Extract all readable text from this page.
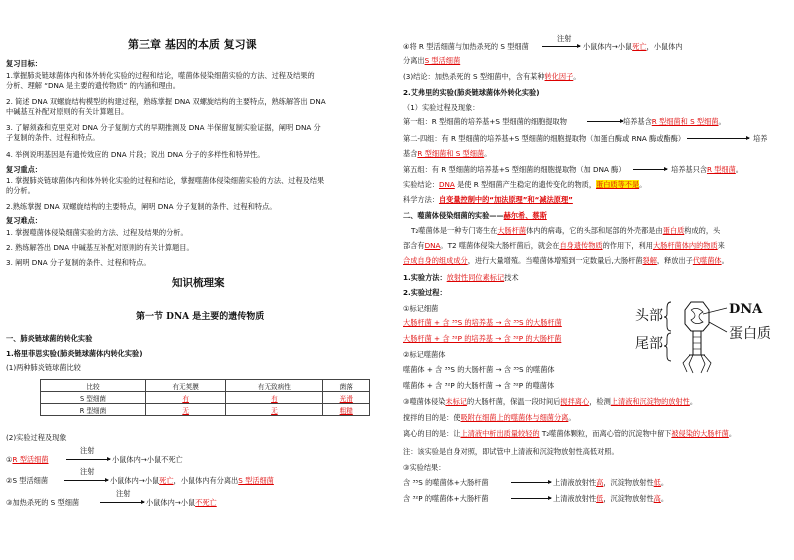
第三章 基因的本质 复习课
复习目标：
1.掌握肺炎链球菌体内和体外转化实验的过程和结论，噬菌体侵染细菌实验的方法、过程及结果的
分析、理解 “DNA 是主要的遗传物质” 的内涵和理由。
2. 简述 DNA 双螺旋结构模型的构建过程，熟练掌握 DNA 双螺旋结构的主要特点，熟练解答出 DNA
中碱基互补配对原则的有关计算题目。
3. 了解须森和克里克对 DNA 分子复制方式的早期推测及 DNA 半保留复制实验证据，阐明 DNA 分
子复制的条件、过程和特点。
4. 举例说明基因是有遗传效应的 DNA 片段；说出 DNA 分子的多样性和特异性。
复习重点：
1. 掌握肺炎链球菌体内和体外转化实验的过程和结论，掌握噬菌体侵染细菌实验的方法、过程及结果
的分析。
2.熟练掌握 DNA 双螺旋结构的主要特点，阐明 DNA 分子复制的条件、过程和特点。
复习难点：
1. 掌握噬菌体侵染细菌实验的方法、过程及结果的分析。
2. 熟练解答出 DNA 中碱基互补配对原则的有关计算题目。
3. 阐明 DNA 分子复制的条件、过程和特点。
知识梳理案
第一节 DNA 是主要的遗传物质
一、肺炎链球菌的转化实验
1.格里菲思实验(肺炎链球菌体内转化实验)
(1)两种肺炎链球菌比较
比较	有无荚膜	有无致病性	菌落
S 型细菌	有	有	光滑
R 型细菌	无	无	粗糙
(2)实验过程及现象
①R 型活细菌
注射
小鼠体内→小鼠不死亡
②S 型活细菌
注射
小鼠体内→小鼠死亡，小鼠体内有分离出S 型活细菌
③加热杀死的 S 型细菌
注射
小鼠体内→小鼠不死亡
④将 R 型活细菌与加热杀死的 S 型细菌
注射
小鼠体内→小鼠死亡，小鼠体内
分离出S 型活细菌
(3)结论：加热杀死的 S 型细菌中，含有某种转化因子。
2.艾弗里的实验(肺炎链球菌体外转化实验)
（1）实验过程及现象：
第一组：R 型细菌的培养基+S 型细菌的细胞提取物	培养基含R 型细菌和 S 型细菌。
第二-四组：有 R 型细菌的培养基+S 型细菌的细胞提取物（加蛋白酶或 RNA 酶或酯酶）	培养
基含R 型细菌和 S 型细菌。
第五组：有 R 型细菌的培养基+S 型细菌的细胞提取物（加 DNA 酶）	培养基只含R 型细菌。
实验结论：DNA 是使 R 型细菌产生稳定的遗传变化的物质，蛋白质等不是。
科学方法：自变量控制中的“加法原理”和“减法原理”
二、噬菌体侵染细菌的实验——赫尔希、蔡斯
T₂噬菌体是一种专门寄生在大肠杆菌体内的病毒，它的头部和尾部的外壳都是由蛋白质构成的，头
部含有DNA。T2 噬菌体侵染大肠杆菌后，就会在自身遗传物质的作用下，利用大肠杆菌体内的物质来
合成自身的组成成分，进行大量增殖。当噬菌体增殖到一定数量后,大肠杆菌裂解，释放出子代噬菌体。
1.实验方法：放射性同位素标记技术
2.实验过程：
①标记细菌
大肠杆菌 + 含 ³⁵S 的培养基 → 含 ³⁵S 的大肠杆菌
大肠杆菌 + 含 ³²P 的培养基 → 含 ³²P 的大肠杆菌
②标记噬菌体
噬菌体 + 含 ³⁵S 的大肠杆菌 → 含 ³⁵S 的噬菌体
噬菌体 + 含 ³²P 的大肠杆菌 → 含 ³²P 的噬菌体
③噬菌体侵染未标记的大肠杆菌，保温一段时间后搅拌离心，检测上清液和沉淀物的放射性。
搅拌的目的是：使吸附在细菌上的噬菌体与细菌分离。
离心的目的是：让上清液中析出质量较轻的 T₂噬菌体颗粒，而离心管的沉淀物中留下被侵染的大肠杆菌。
注：该实验是自身对照，即试管中上清液和沉淀物放射性高低对照。
③实验结果：
含 ³⁵S 的噬菌体+大肠杆菌	上清液放射性高，沉淀物放射性低。
含 ³²P 的噬菌体+大肠杆菌	上清液放射性低，沉淀物放射性高。
头部
尾部
DNA
蛋白质
